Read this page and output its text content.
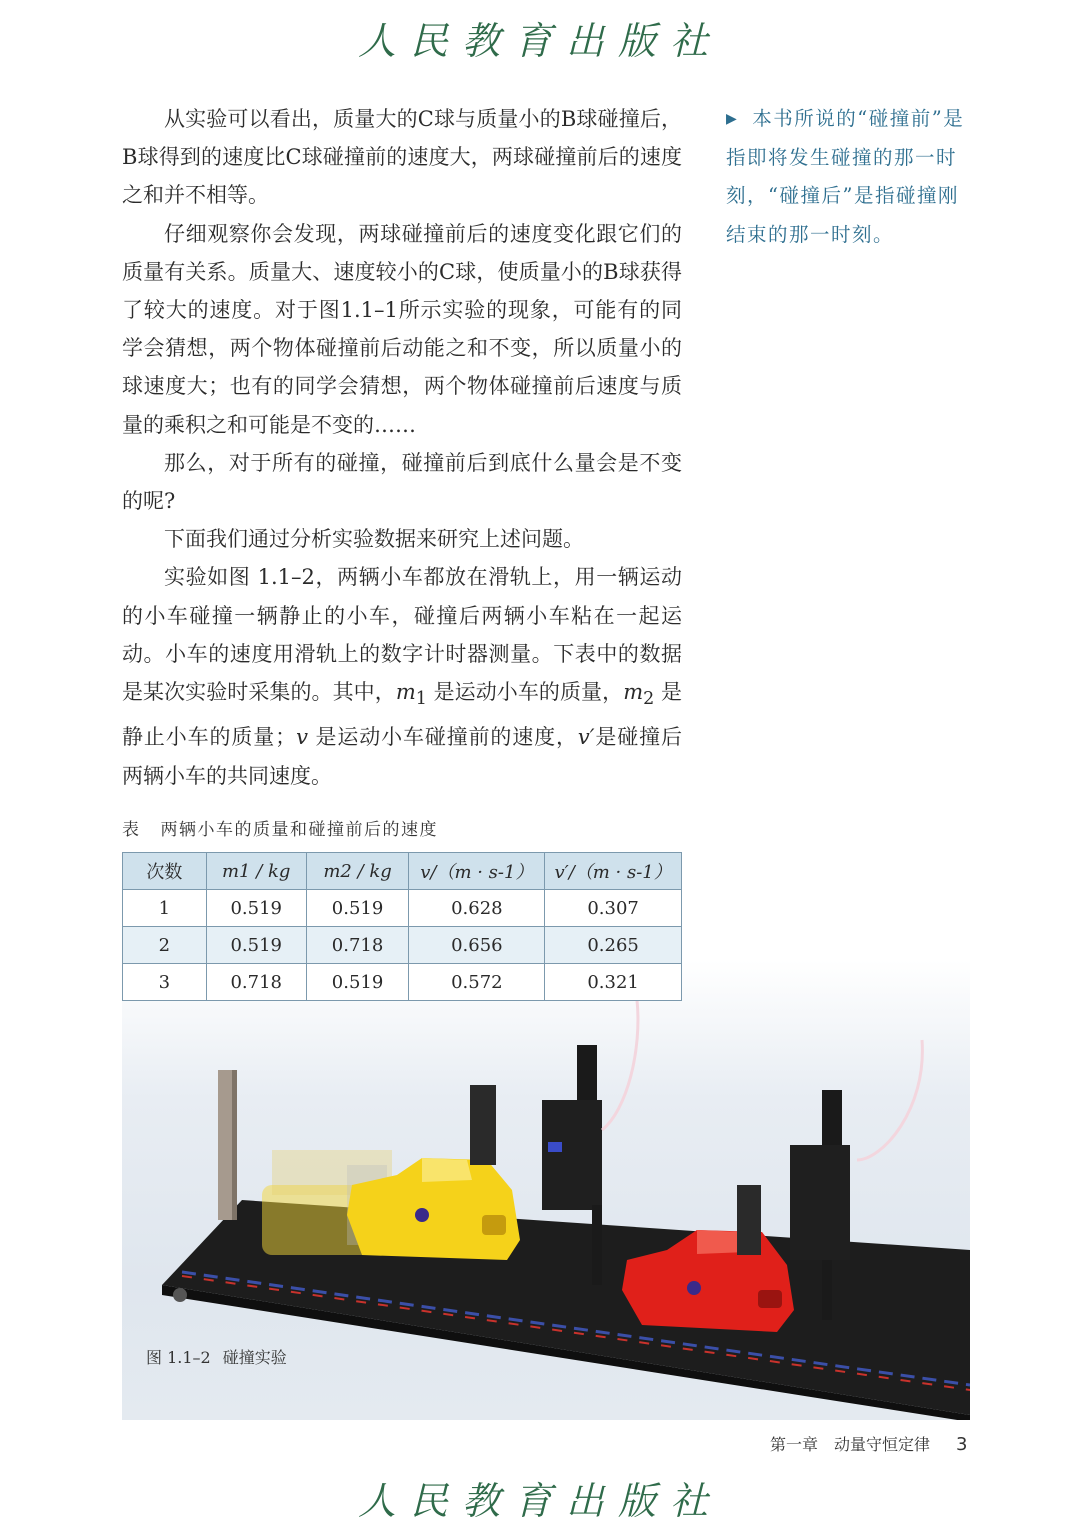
人民教育出版社

从实验可以看出，质量大的C球与质量小的B球碰撞后，B球得到的速度比C球碰撞前的速度大，两球碰撞前后的速度之和并不相等。

仔细观察你会发现，两球碰撞前后的速度变化跟它们的质量有关系。质量大、速度较小的C球，使质量小的B球获得了较大的速度。对于图1.1–1所示实验的现象，可能有的同学会猜想，两个物体碰撞前后动能之和不变，所以质量小的球速度大；也有的同学会猜想，两个物体碰撞前后速度与质量的乘积之和可能是不变的……

那么，对于所有的碰撞，碰撞前后到底什么量会是不变的呢?

下面我们通过分析实验数据来研究上述问题。

实验如图 1.1–2，两辆小车都放在滑轨上，用一辆运动的小车碰撞一辆静止的小车，碰撞后两辆小车粘在一起运动。小车的速度用滑轨上的数字计时器测量。下表中的数据是某次实验时采集的。其中，$m_1$ 是运动小车的质量，$m_2$ 是静止小车的质量；v 是运动小车碰撞前的速度，v′是碰撞后两辆小车的共同速度。

▶ 本书所说的“碰撞前”是指即将发生碰撞的那一时刻，“碰撞后”是指碰撞刚结束的那一时刻。
表 两辆小车的质量和碰撞前后的速度
次数	m1 / kg	m2 / kg	v/（m · s-1）	v′/（m · s-1）
1	0.519	0.519	0.628	0.307
2	0.519	0.718	0.656	0.265
3	0.718	0.519	0.572	0.321
图 1.1–2 碰撞实验
第一章　动量守恒定律 3
人民教育出版社
